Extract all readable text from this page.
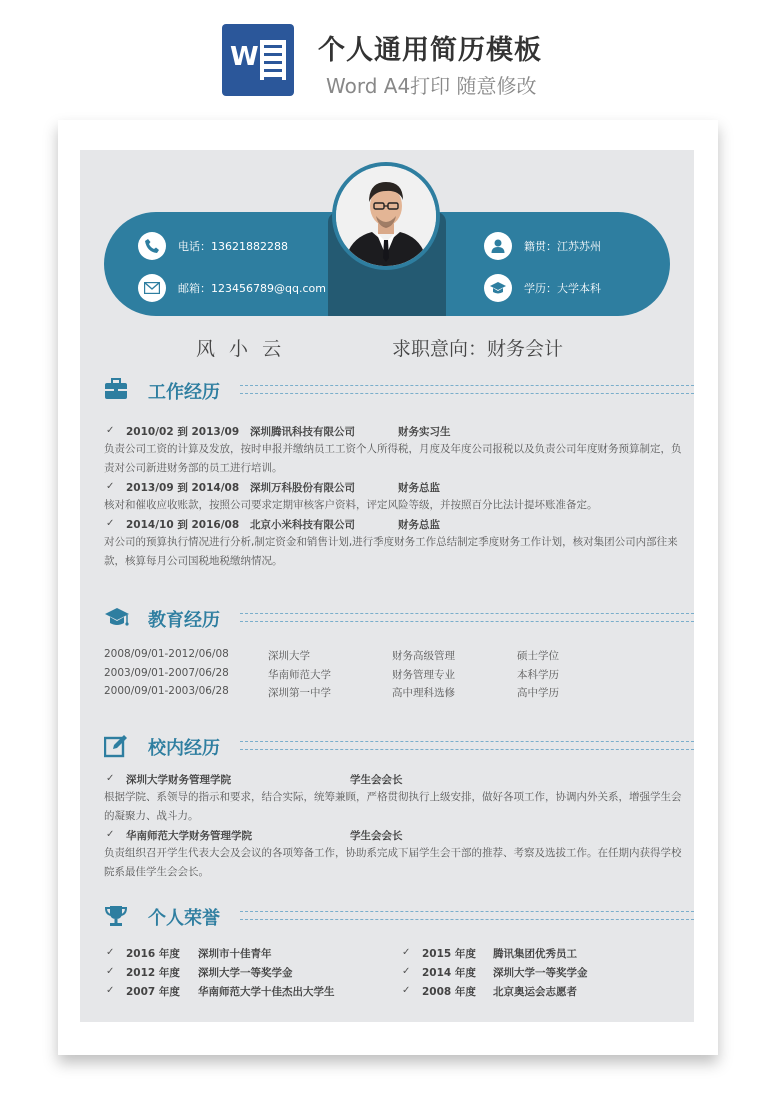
W 个人通用简历模板
Word A4打印 随意修改
电话：13621882288
邮箱：123456789@qq.com
籍贯：江苏苏州
学历：大学本科
风 小 云	求职意向：财务会计
工作经历
✓ 2010/02 到 2013/09 深圳腾讯科技有限公司	财务实习生
负责公司工资的计算及发放，按时申报并缴纳员工工资个人所得税，月度及年度公司报税以及负责公司年度财务预算制定，负责对公司新进财务部的员工进行培训。
✓ 2013/09 到 2014/08 深圳万科股份有限公司	财务总监
核对和催收应收账款，按照公司要求定期审核客户资料，评定风险等级，并按照百分比法计提坏账准备定。
✓ 2014/10 到 2016/08 北京小米科技有限公司	财务总监
对公司的预算执行情况进行分析,制定资金和销售计划,进行季度财务工作总结制定季度财务工作计划，核对集团公司内部往来款，核算每月公司国税地税缴纳情况。
教育经历
2008/09/01-2012/06/08	深圳大学	财务高级管理	硕士学位
2003/09/01-2007/06/28	华南师范大学	财务管理专业	本科学历
2000/09/01-2003/06/28	深圳第一中学	高中理科选修	高中学历
校内经历
✓ 深圳大学财务管理学院	学生会会长
根据学院、系领导的指示和要求，结合实际，统筹兼顾，严格贯彻执行上级安排，做好各项工作，协调内外关系，增强学生会的凝聚力、战斗力。
✓ 华南师范大学财务管理学院	学生会会长
负责组织召开学生代表大会及会议的各项筹备工作，协助系完成下届学生会干部的推荐、考察及选拔工作。在任期内获得学校院系最佳学生会会长。
个人荣誉
✓ 2016 年度 深圳市十佳青年
✓ 2012 年度 深圳大学一等奖学金
✓ 2007 年度 华南师范大学十佳杰出大学生
✓ 2015 年度 腾讯集团优秀员工
✓ 2014 年度 深圳大学一等奖学金
✓ 2008 年度 北京奥运会志愿者
